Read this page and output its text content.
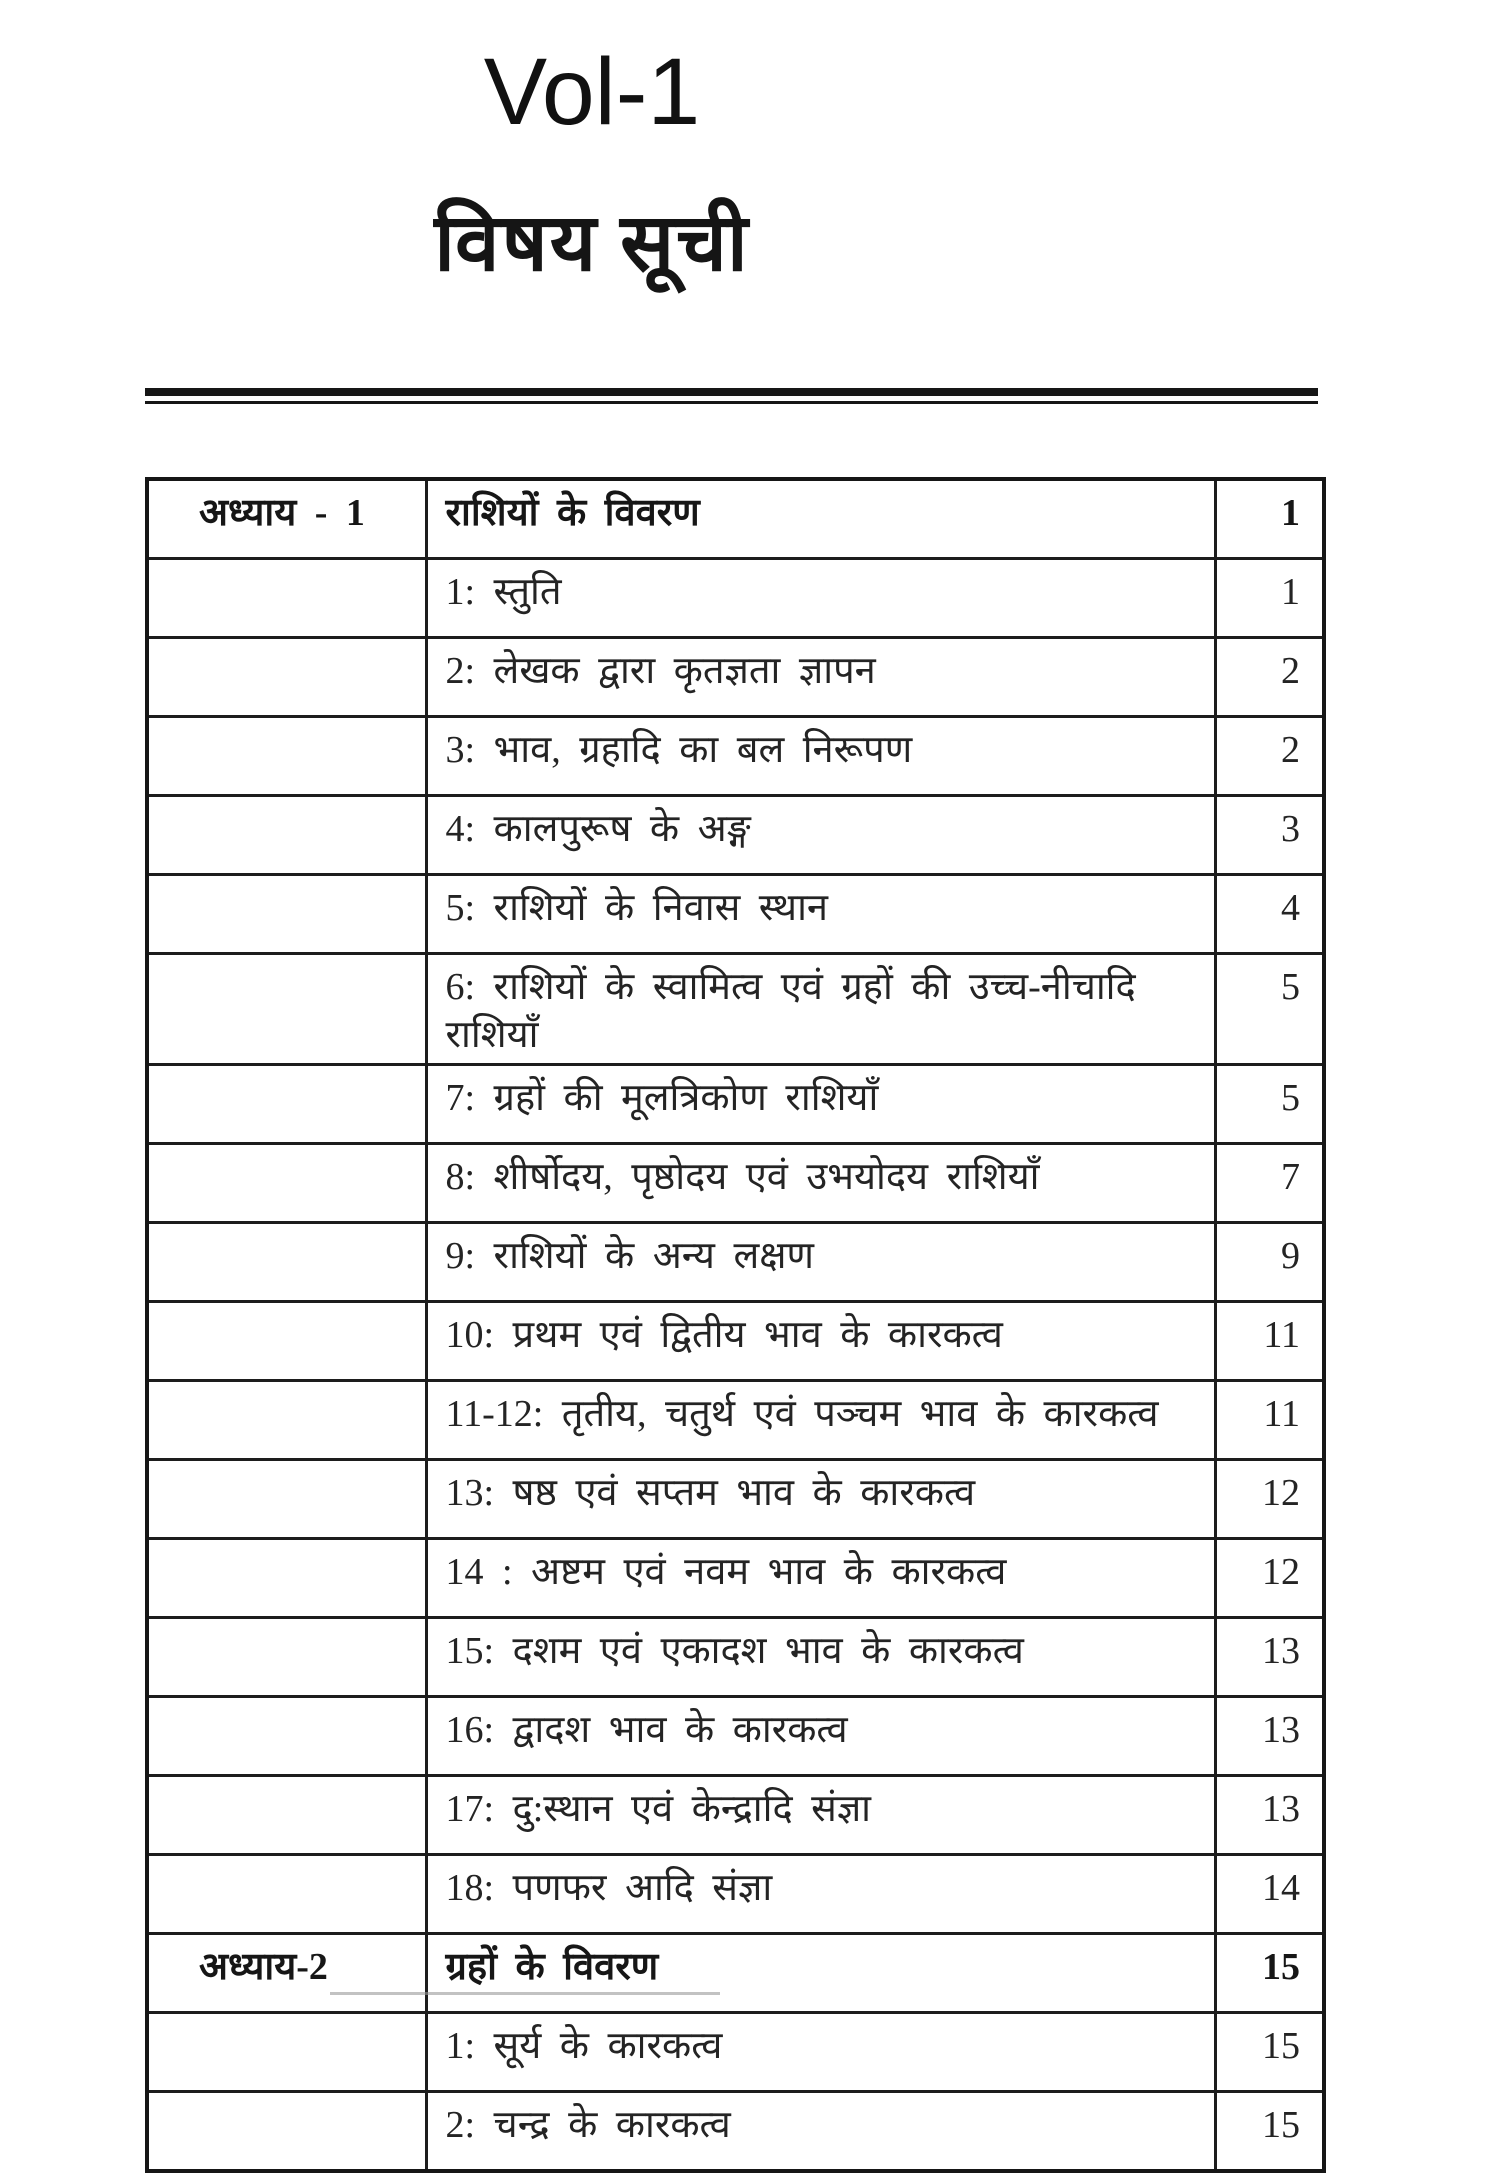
Vol-1
विषय सूची
अध्याय - 1	राशियों के विवरण	1
	1: स्तुति	1
	2: लेखक द्वारा कृतज्ञता ज्ञापन	2
	3: भाव, ग्रहादि का बल निरूपण	2
	4: कालपुरूष के अङ्ग	3
	5: राशियों के निवास स्थान	4
	6: राशियों के स्वामित्व एवं ग्रहों की उच्च-नीचादि राशियाँ	5
	7: ग्रहों की मूलत्रिकोण राशियाँ	5
	8: शीर्षोदय, पृष्ठोदय एवं उभयोदय राशियाँ	7
	9: राशियों के अन्य लक्षण	9
	10: प्रथम एवं द्वितीय भाव के कारकत्व	11
	11-12: तृतीय, चतुर्थ एवं पञ्चम भाव के कारकत्व	11
	13: षष्ठ एवं सप्तम भाव के कारकत्व	12
	14 : अष्टम एवं नवम भाव के कारकत्व	12
	15: दशम एवं एकादश भाव के कारकत्व	13
	16: द्वादश भाव के कारकत्व	13
	17: दु:स्थान एवं केन्द्रादि संज्ञा	13
	18: पणफर आदि संज्ञा	14
अध्याय-2	ग्रहों के विवरण	15
	1: सूर्य के कारकत्व	15
	2: चन्द्र के कारकत्व	15
